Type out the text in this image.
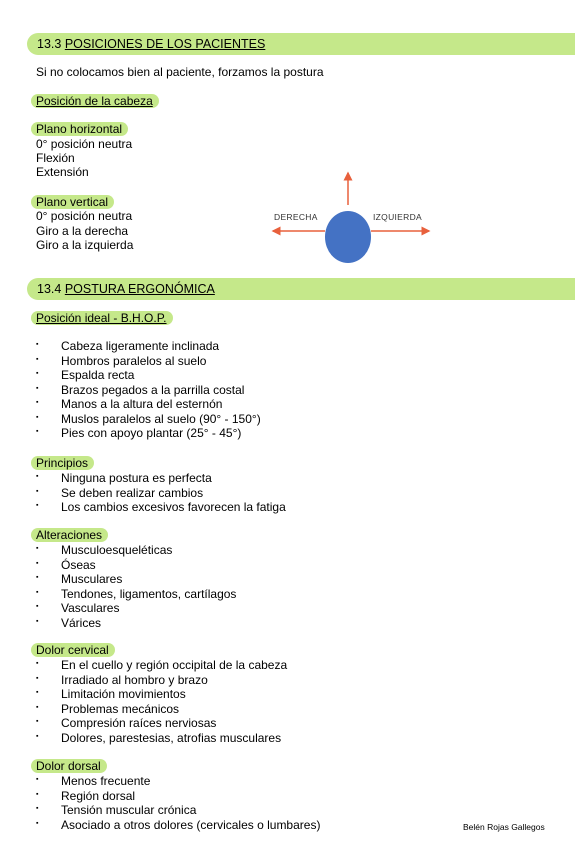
13.3 POSICIONES DE LOS PACIENTES
Si no colocamos bien al paciente, forzamos la postura
Posición de la cabeza
Plano horizontal
0° posición neutra
Flexión
Extensión
Plano vertical
0° posición neutra
Giro a la derecha
Giro a la izquierda
DERECHA	IZQUIERDA
13.4 POSTURA ERGONÓMICA
Posición ideal - B.H.O.P.
▪ Cabeza ligeramente inclinada
▪ Hombros paralelos al suelo
▪ Espalda recta
▪ Brazos pegados a la parrilla costal
▪ Manos a la altura del esternón
▪ Muslos paralelos al suelo (90° - 150°)
▪ Pies con apoyo plantar (25° - 45°)
Principios
▪ Ninguna postura es perfecta
▪ Se deben realizar cambios
▪ Los cambios excesivos favorecen la fatiga
Alteraciones
▪ Musculoesqueléticas
▪ Óseas
▪ Musculares
▪ Tendones, ligamentos, cartílagos
▪ Vasculares
▪ Várices
Dolor cervical
▪ En el cuello y región occipital de la cabeza
▪ Irradiado al hombro y brazo
▪ Limitación movimientos
▪ Problemas mecánicos
▪ Compresión raíces nerviosas
▪ Dolores, parestesias, atrofias musculares
Dolor dorsal
▪ Menos frecuente
▪ Región dorsal
▪ Tensión muscular crónica
▪ Asociado a otros dolores (cervicales o lumbares)	Belén Rojas Gallegos
